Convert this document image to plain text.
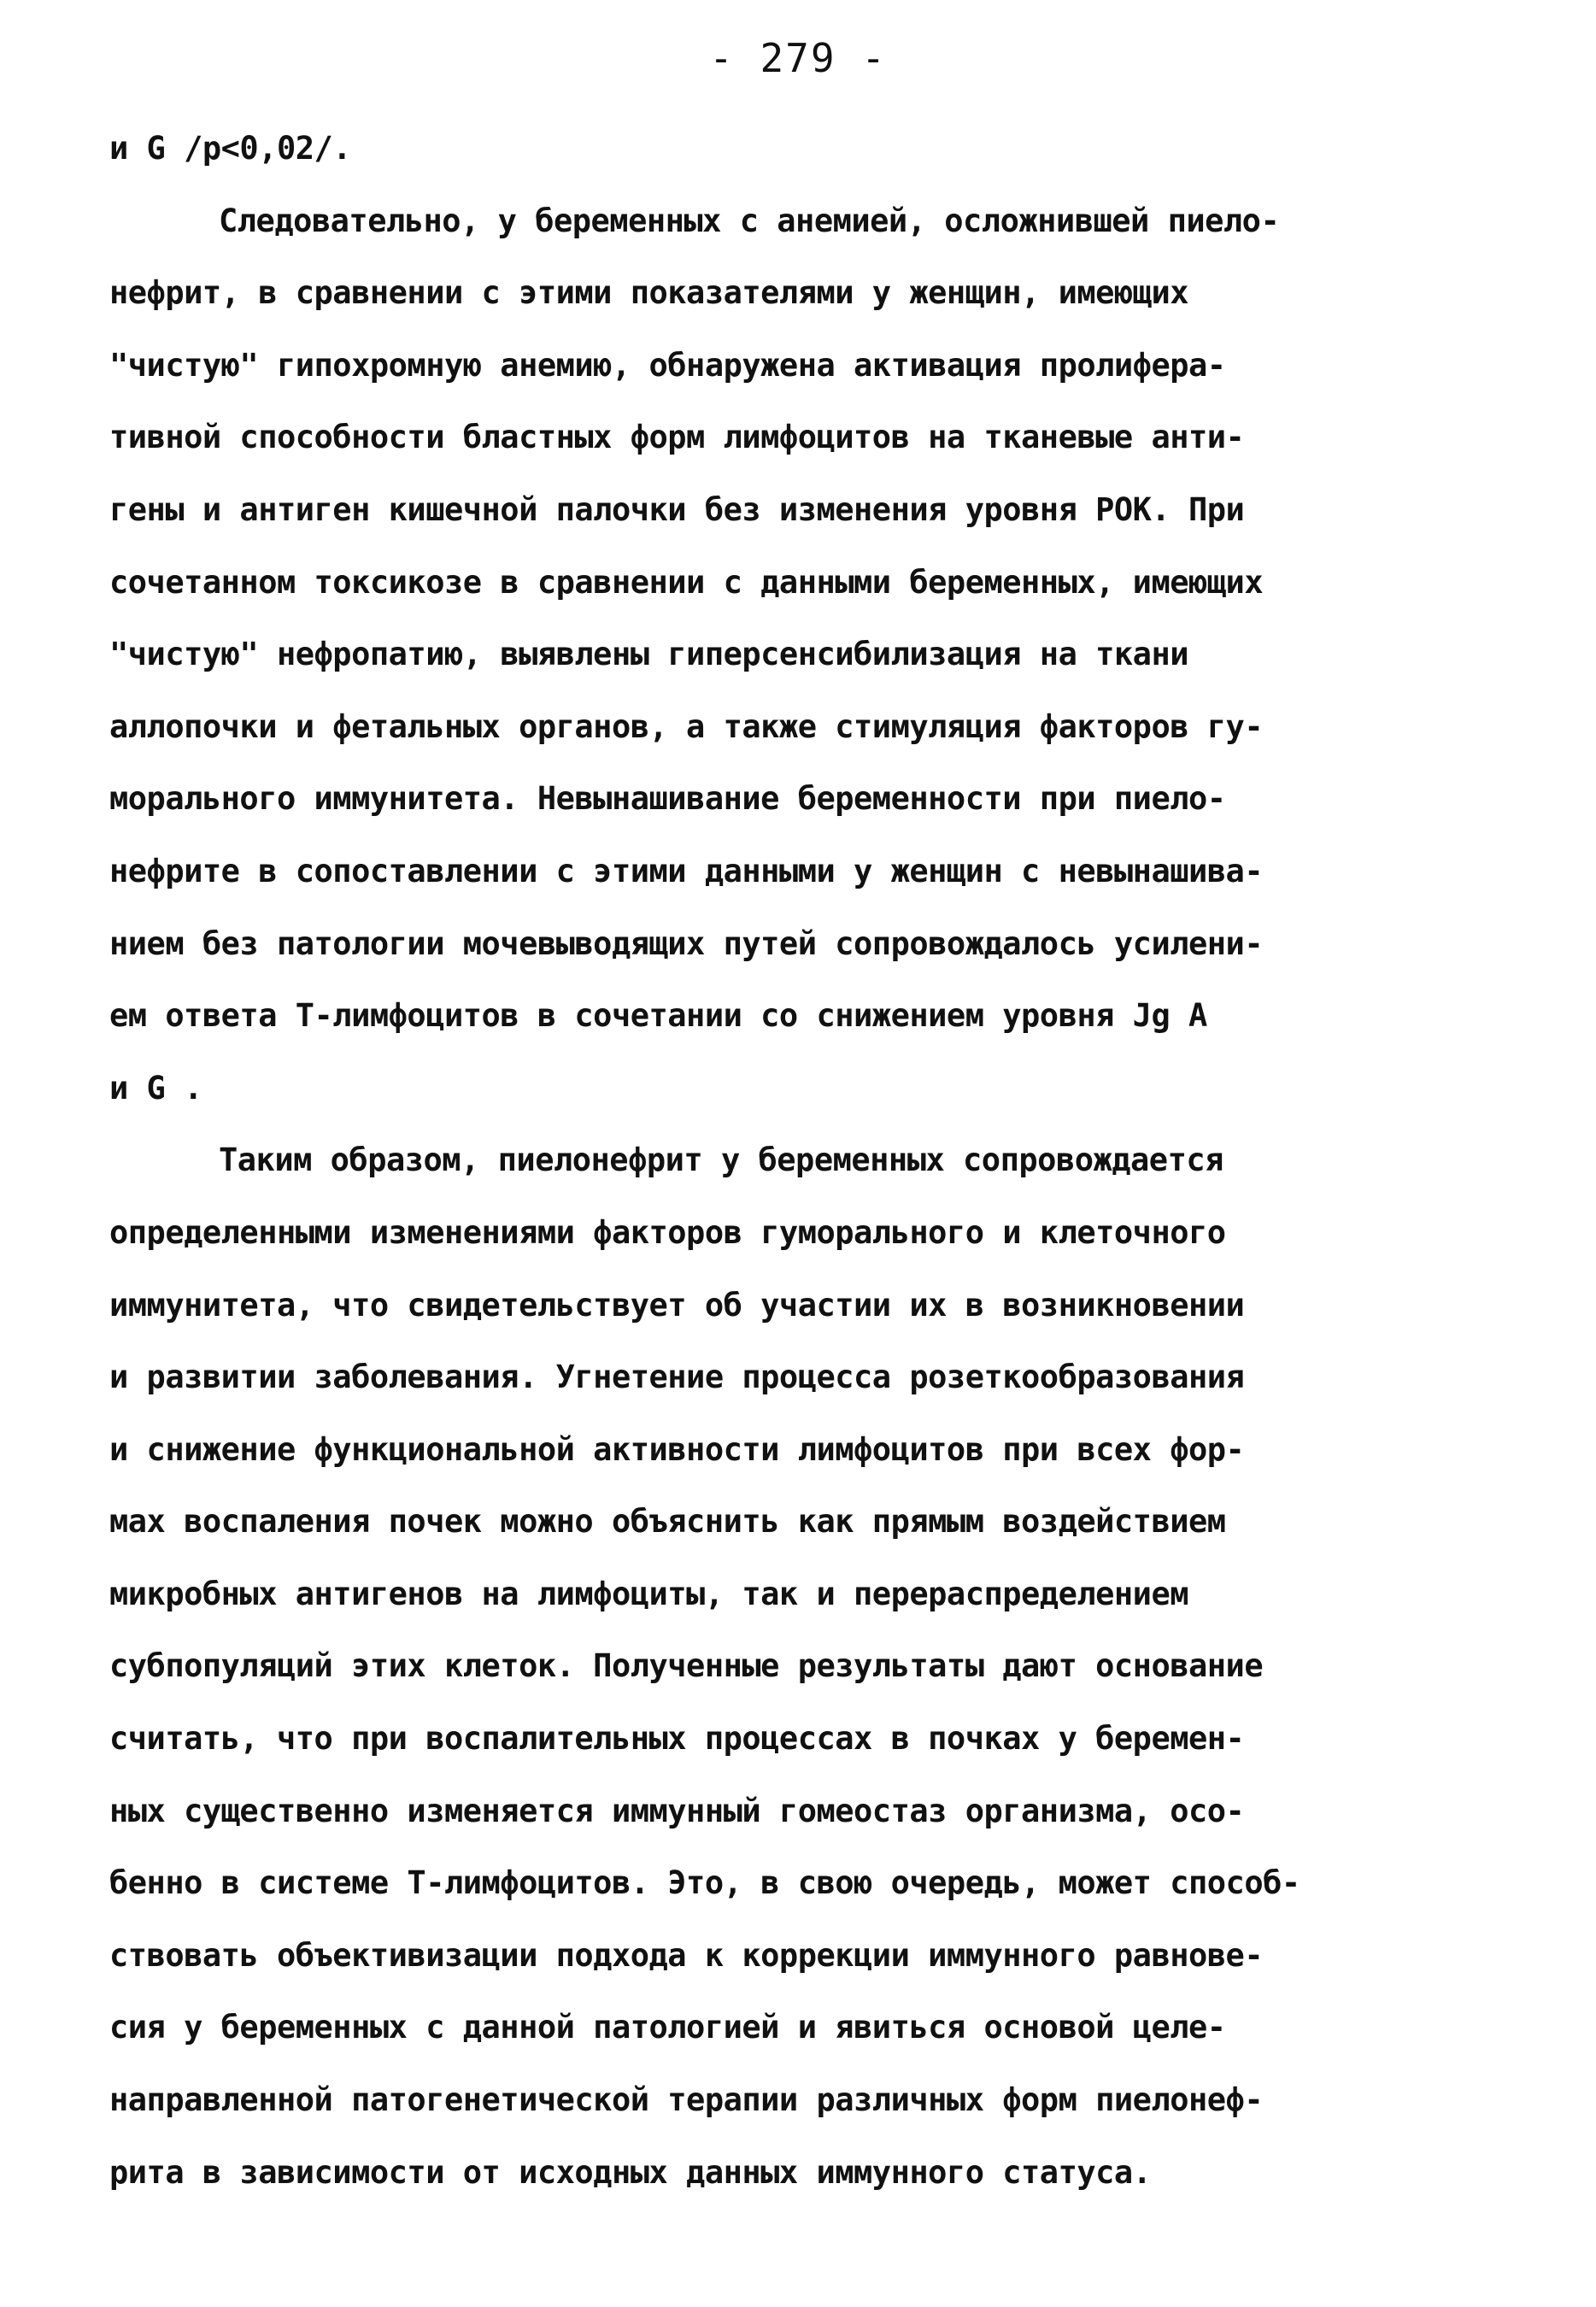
- 279 -
и G /р<0,02/.
Следовательно, у беременных с анемией, осложнившей пиело-
нефрит, в сравнении с этими показателями у женщин, имеющих
"чистую" гипохромную анемию, обнаружена активация пролифера-
тивной способности бластных форм лимфоцитов на тканевые анти-
гены и антиген кишечной палочки без изменения уровня РОК. При
сочетанном токсикозе в сравнении с данными беременных, имеющих
"чистую" нефропатию, выявлены гиперсенсибилизация на ткани
аллопочки и фетальных органов, а также стимуляция факторов гу-
морального иммунитета. Невынашивание беременности при пиело-
нефрите в сопоставлении с этими данными у женщин с невынашива-
нием без патологии мочевыводящих путей сопровождалось усилени-
ем ответа Т-лимфоцитов в сочетании со снижением уровня Jg A
и G .
Таким образом, пиелонефрит у беременных сопровождается
определенными изменениями факторов гуморального и клеточного
иммунитета, что свидетельствует об участии их в возникновении
и развитии заболевания. Угнетение процесса розеткообразования
и снижение функциональной активности лимфоцитов при всех фор-
мах воспаления почек можно объяснить как прямым воздействием
микробных антигенов на лимфоциты, так и перераспределением
субпопуляций этих клеток. Полученные результаты дают основание
считать, что при воспалительных процессах в почках у беремен-
ных существенно изменяется иммунный гомеостаз организма, осо-
бенно в системе Т-лимфоцитов. Это, в свою очередь, может способ-
ствовать объективизации подхода к коррекции иммунного равнове-
сия у беременных с данной патологией и явиться основой целе-
направленной патогенетической терапии различных форм пиелонеф-
рита в зависимости от исходных данных иммунного статуса.
